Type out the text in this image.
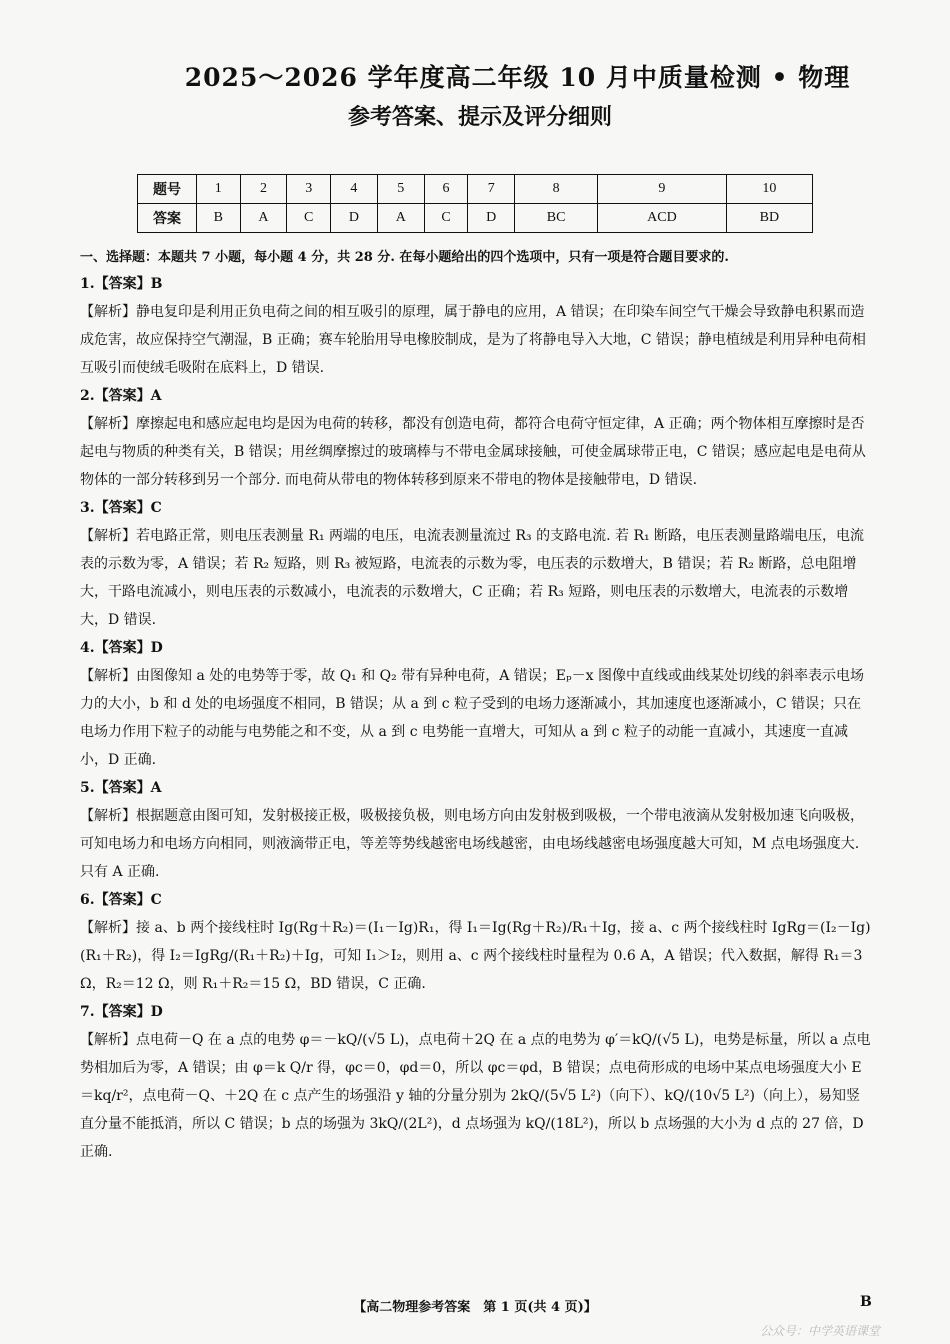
2025～2026 学年度高二年级 10 月中质量检测 • 物理
参考答案、提示及评分细则
题号	1	2	3	4	5	6	7	8	9	10
答案	B	A	C	D	A	C	D	BC	ACD	BD
一、选择题：本题共 7 小题，每小题 4 分，共 28 分. 在每小题给出的四个选项中，只有一项是符合题目要求的.
1.【答案】B

【解析】静电复印是利用正负电荷之间的相互吸引的原理，属于静电的应用，A 错误；在印染车间空气干燥会导致静电积累而造成危害，故应保持空气潮湿，B 正确；赛车轮胎用导电橡胶制成，是为了将静电导入大地，C 错误；静电植绒是利用异种电荷相互吸引而使绒毛吸附在底料上，D 错误.

2.【答案】A

【解析】摩擦起电和感应起电均是因为电荷的转移，都没有创造电荷，都符合电荷守恒定律，A 正确；两个物体相互摩擦时是否起电与物质的种类有关，B 错误；用丝绸摩擦过的玻璃棒与不带电金属球接触，可使金属球带正电，C 错误；感应起电是电荷从物体的一部分转移到另一个部分. 而电荷从带电的物体转移到原来不带电的物体是接触带电，D 错误.

3.【答案】C

【解析】若电路正常，则电压表测量 R₁ 两端的电压，电流表测量流过 R₃ 的支路电流. 若 R₁ 断路，电压表测量路端电压，电流表的示数为零，A 错误；若 R₂ 短路，则 R₃ 被短路，电流表的示数为零，电压表的示数增大，B 错误；若 R₂ 断路，总电阻增大，干路电流减小，则电压表的示数减小，电流表的示数增大，C 正确；若 R₃ 短路，则电压表的示数增大，电流表的示数增大，D 错误.

4.【答案】D

【解析】由图像知 a 处的电势等于零，故 Q₁ 和 Q₂ 带有异种电荷，A 错误；Eₚ－x 图像中直线或曲线某处切线的斜率表示电场力的大小，b 和 d 处的电场强度不相同，B 错误；从 a 到 c 粒子受到的电场力逐渐减小，其加速度也逐渐减小，C 错误；只在电场力作用下粒子的动能与电势能之和不变，从 a 到 c 电势能一直增大，可知从 a 到 c 粒子的动能一直减小，其速度一直减小，D 正确.

5.【答案】A

【解析】根据题意由图可知，发射极接正极，吸极接负极，则电场方向由发射极到吸极，一个带电液滴从发射极加速飞向吸极，可知电场力和电场方向相同，则液滴带正电，等差等势线越密电场线越密，由电场线越密电场强度越大可知，M 点电场强度大. 只有 A 正确.

6.【答案】C

【解析】接 a、b 两个接线柱时 Ig(Rg＋R₂)＝(I₁－Ig)R₁，得 I₁＝Ig(Rg＋R₂)/R₁＋Ig，接 a、c 两个接线柱时 IgRg＝(I₂－Ig)(R₁＋R₂)，得 I₂＝IgRg/(R₁＋R₂)＋Ig，可知 I₁＞I₂，则用 a、c 两个接线柱时量程为 0.6 A，A 错误；代入数据，解得 R₁＝3 Ω，R₂＝12 Ω，则 R₁＋R₂＝15 Ω，BD 错误，C 正确.

7.【答案】D

【解析】点电荷－Q 在 a 点的电势 φ＝－kQ/(√5 L)，点电荷＋2Q 在 a 点的电势为 φ′＝kQ/(√5 L)，电势是标量，所以 a 点电势相加后为零，A 错误；由 φ＝k Q/r 得，φc＝0，φd＝0，所以 φc＝φd，B 错误；点电荷形成的电场中某点电场强度大小 E＝kq/r²，点电荷－Q、＋2Q 在 c 点产生的场强沿 y 轴的分量分别为 2kQ/(5√5 L²)（向下）、kQ/(10√5 L²)（向上），易知竖直分量不能抵消，所以 C 错误；b 点的场强为 3kQ/(2L²)，d 点场强为 kQ/(18L²)，所以 b 点场强的大小为 d 点的 27 倍，D 正确.

【高二物理参考答案　第 1 页(共 4 页)】	B
公众号：中学英语课堂
